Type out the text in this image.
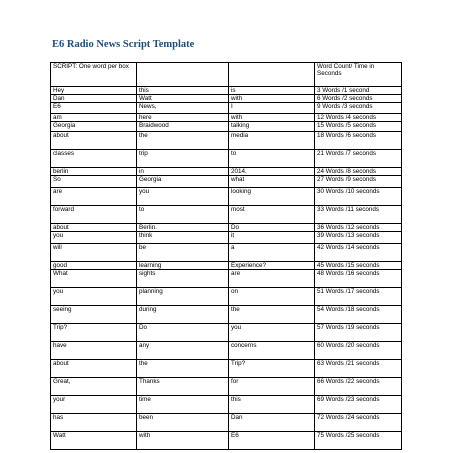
E6 Radio News Script Template
SCRIPT: One word per box			Word Count/ Time in Seconds
Hey	this	is	3 Words /1 second
Dan	Watt	with	6 Words /2 seconds
E6	News,	I	9 Words /3 seconds
am	here	with	12 Words /4 seconds
Georgia	Braidwood	talking	15 Words /5 seconds
about	the	media	18 Words /6 seconds
classes	trip	to	21 Words /7 seconds
berlin	in	2014.	24 Words /8 seconds
So	Georgia	what	27 Words /9 seconds
are	you	looking	30 Words /10 seconds
forward	to	most	33 Words /11 seconds
about	Berlin.	Do	36 Words /12 seconds
you	think	it	39 Words /13 seconds
will	be	a	42 Words /14 seconds
good	learning	Experience?	45 Words /15 seconds
What	sights	are	48 Words /16 seconds
you	planning	on	51 Words /17 seconds
seeing	during	the	54 Words /18 seconds
Trip?	Do	you	57 Words /19 seconds
have	any	concerns	60 Words /20 seconds
about	the	Trip?	63 Words /21 seconds
Great,	Thanks	for	66 Words /22 seconds
your	time	this	69 Words /23 seconds
has	been	Dan	72 Words /24 seconds
Watt	with	E6	75 Words /25 seconds
